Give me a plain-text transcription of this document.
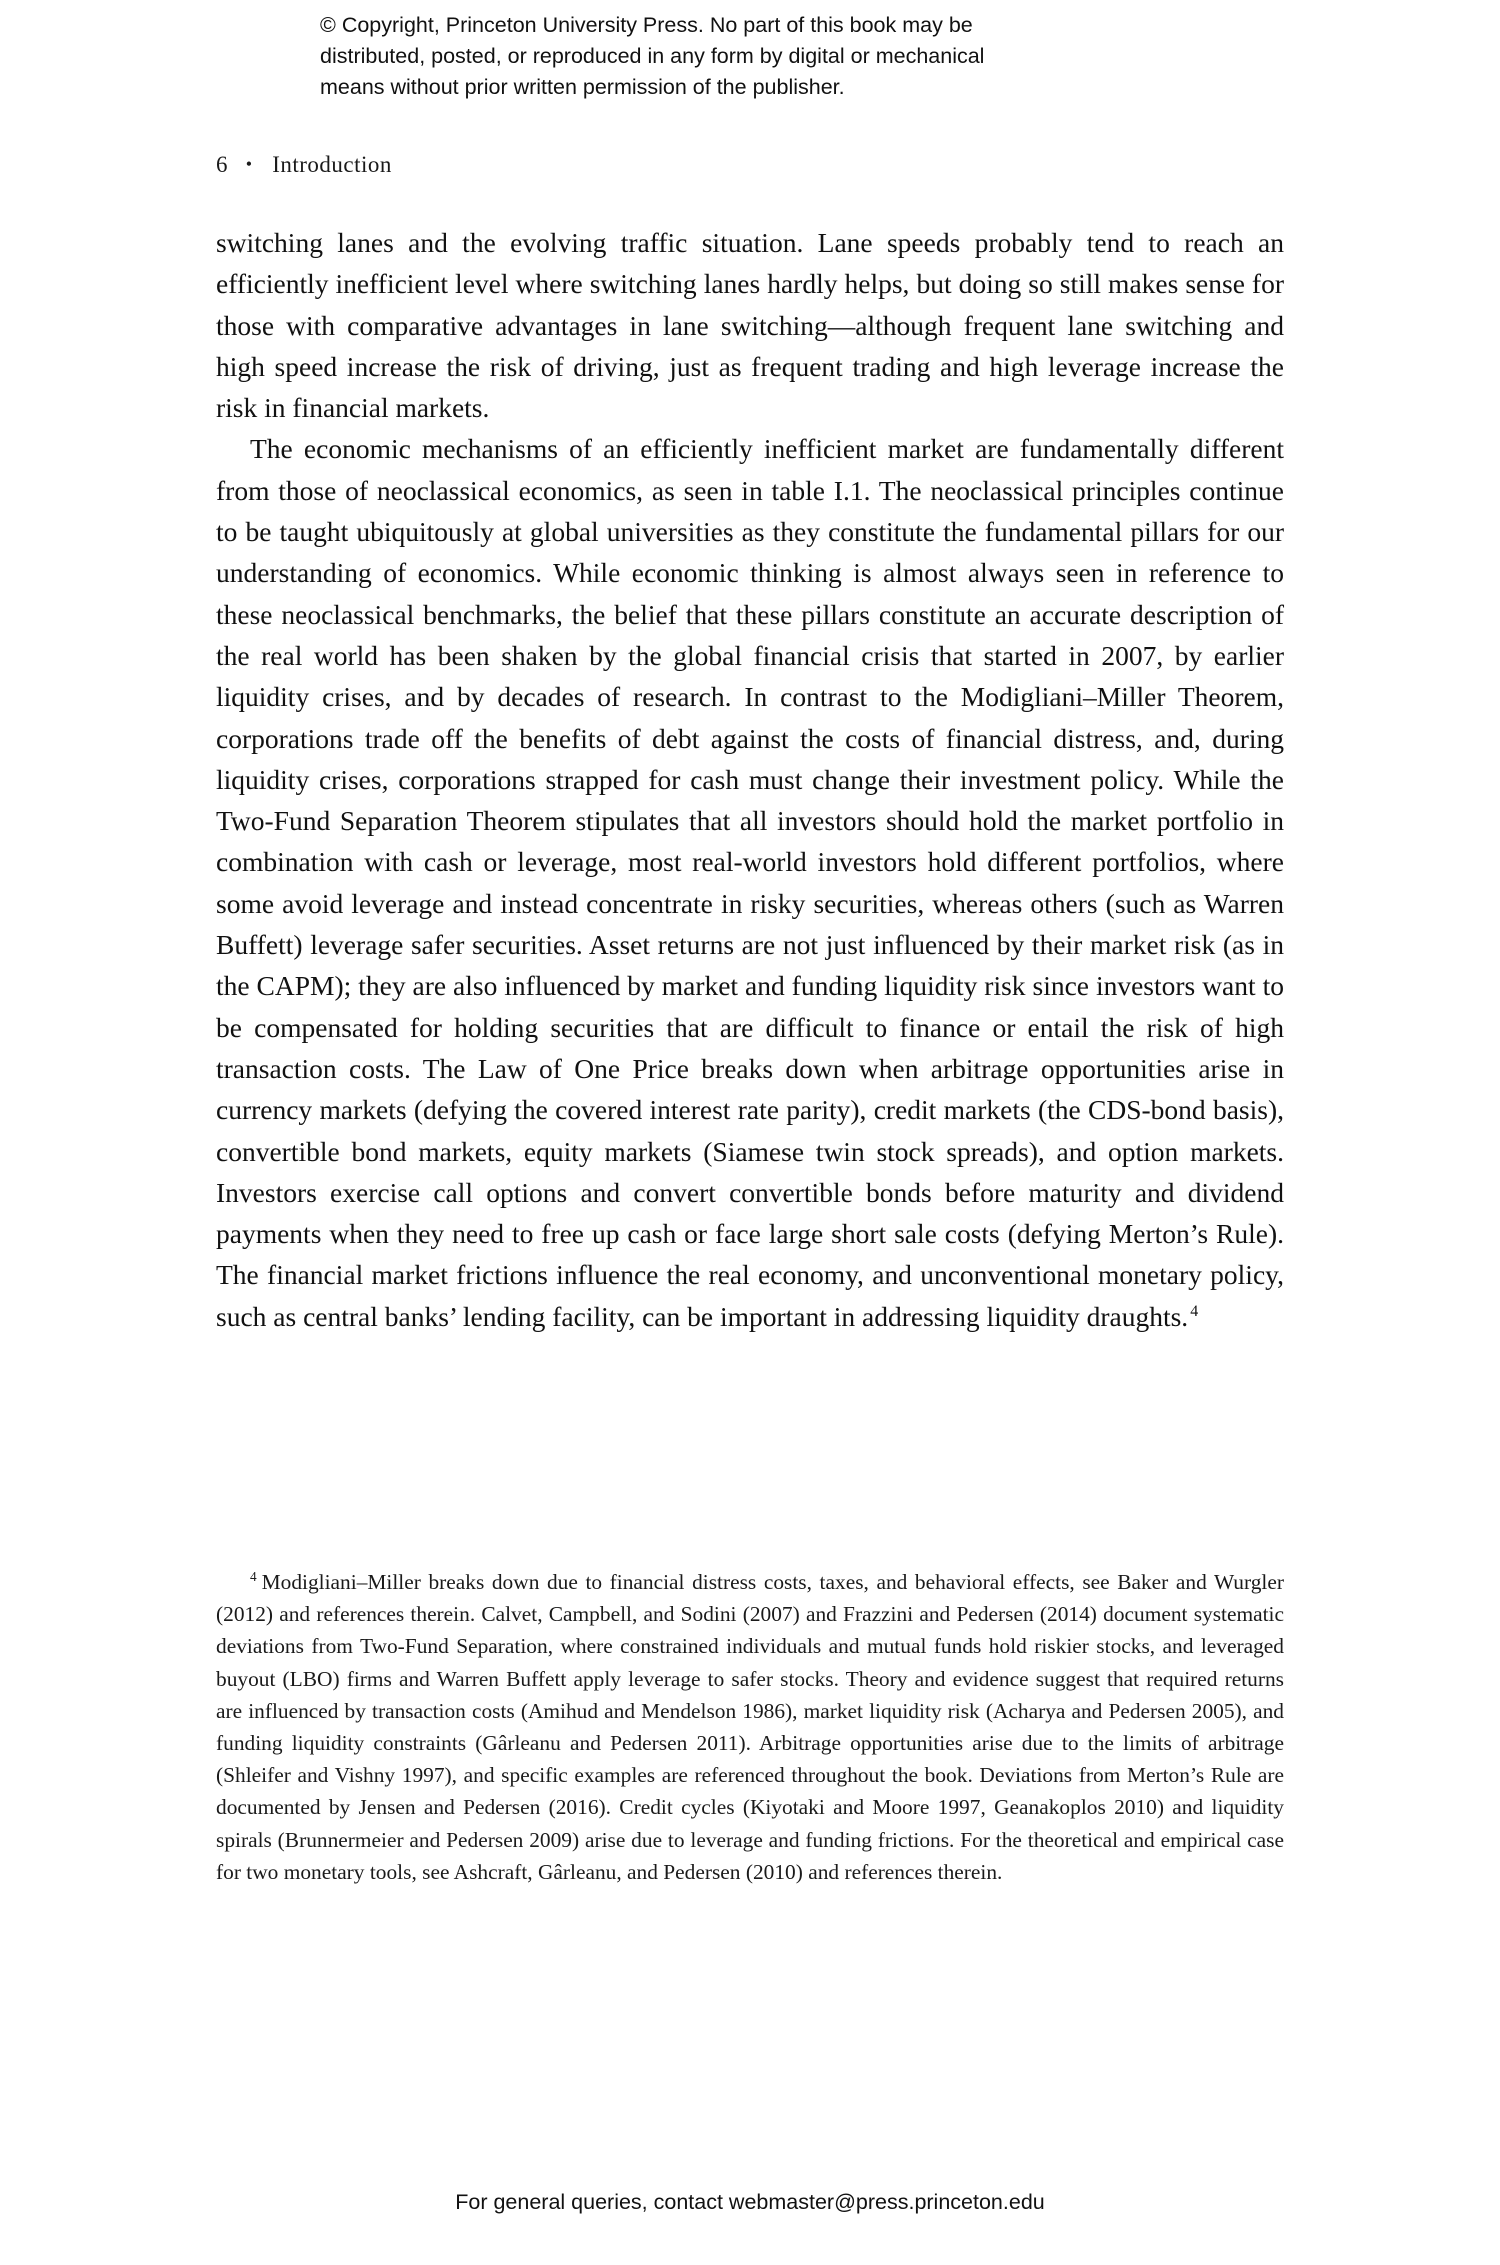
© Copyright, Princeton University Press. No part of this book may be
distributed, posted, or reproduced in any form by digital or mechanical
means without prior written permission of the publisher.
6 • Introduction

switching lanes and the evolving traffic situation. Lane speeds probably tend to reach an efficiently inefficient level where switching lanes hardly helps, but doing so still makes sense for those with comparative advantages in lane switching—although frequent lane switching and high speed increase the risk of driving, just as frequent trading and high leverage increase the risk in financial markets.

The economic mechanisms of an efficiently inefficient market are fundamentally different from those of neoclassical economics, as seen in table I.1. The neoclassical principles continue to be taught ubiquitously at global universities as they constitute the fundamental pillars for our understanding of economics. While economic thinking is almost always seen in reference to these neoclassical benchmarks, the belief that these pillars constitute an accurate description of the real world has been shaken by the global financial crisis that started in 2007, by earlier liquidity crises, and by decades of research. In contrast to the Modigliani–Miller Theorem, corporations trade off the benefits of debt against the costs of financial distress, and, during liquidity crises, corporations strapped for cash must change their investment policy. While the Two-Fund Separation Theorem stipulates that all investors should hold the market portfolio in combination with cash or leverage, most real-world investors hold different portfolios, where some avoid leverage and instead concentrate in risky securities, whereas others (such as Warren Buffett) leverage safer securities. Asset returns are not just influenced by their market risk (as in the CAPM); they are also influenced by market and funding liquidity risk since investors want to be compensated for holding securities that are difficult to finance or entail the risk of high transaction costs. The Law of One Price breaks down when arbitrage opportunities arise in currency markets (defying the covered interest rate parity), credit markets (the CDS-bond basis), convertible bond markets, equity markets (Siamese twin stock spreads), and option markets. Investors exercise call options and convert convertible bonds before maturity and dividend payments when they need to free up cash or face large short sale costs (defying Merton’s Rule). The financial market frictions influence the real economy, and unconventional monetary policy, such as central banks’ lending facility, can be important in addressing liquidity draughts. $^4$

$^4$ Modigliani–Miller breaks down due to financial distress costs, taxes, and behavioral effects, see Baker and Wurgler (2012) and references therein. Calvet, Campbell, and Sodini (2007) and Frazzini and Pedersen (2014) document systematic deviations from Two-Fund Separation, where constrained individuals and mutual funds hold riskier stocks, and leveraged buyout (LBO) firms and Warren Buffett apply leverage to safer stocks. Theory and evidence suggest that required returns are influenced by transaction costs (Amihud and Mendelson 1986), market liquidity risk (Acharya and Pedersen 2005), and funding liquidity constraints (Gârleanu and Pedersen 2011). Arbitrage opportunities arise due to the limits of arbitrage (Shleifer and Vishny 1997), and specific examples are referenced throughout the book. Deviations from Merton’s Rule are documented by Jensen and Pedersen (2016). Credit cycles (Kiyotaki and Moore 1997, Geanakoplos 2010) and liquidity spirals (Brunnermeier and Pedersen 2009) arise due to leverage and funding frictions. For the theoretical and empirical case for two monetary tools, see Ashcraft, Gârleanu, and Pedersen (2010) and references therein.

For general queries, contact webmaster@press.princeton.edu
